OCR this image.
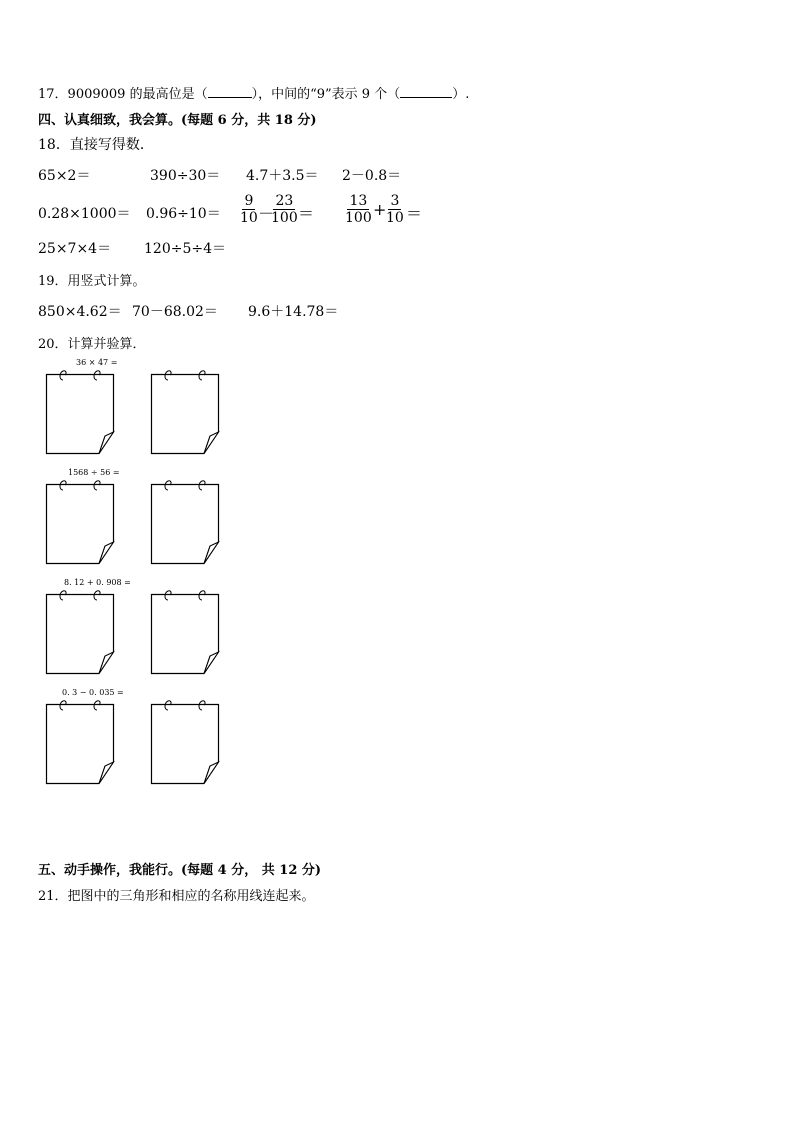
17．9009009 的最高位是（	），中间的“9”表示 9 个（	）.
四、认真细致，我会算。(每题 6 分，共 18 分)
18．直接写得数．
65×2＝	390÷30＝ 4.7＋3.5＝ 2－0.8＝
$0.28\times 1000= 0.96\div 10= \frac{9}{10}$ －
$\frac{23}{100} = \frac{13}{100} + \frac{3}{10}$ ＝
25×7×4＝ 120÷5÷4＝
19．用竖式计算。
850×4.62＝ 70－68.02＝ 9.6＋14.78＝
20．计算并验算．
36 × 47 =
1568 ÷ 56 =
8. 12 + 0. 908 =
0. 3 − 0. 035 =
五、动手操作，我能行。(每题 4 分， 共 12 分)
21．把图中的三角形和相应的名称用线连起来。
